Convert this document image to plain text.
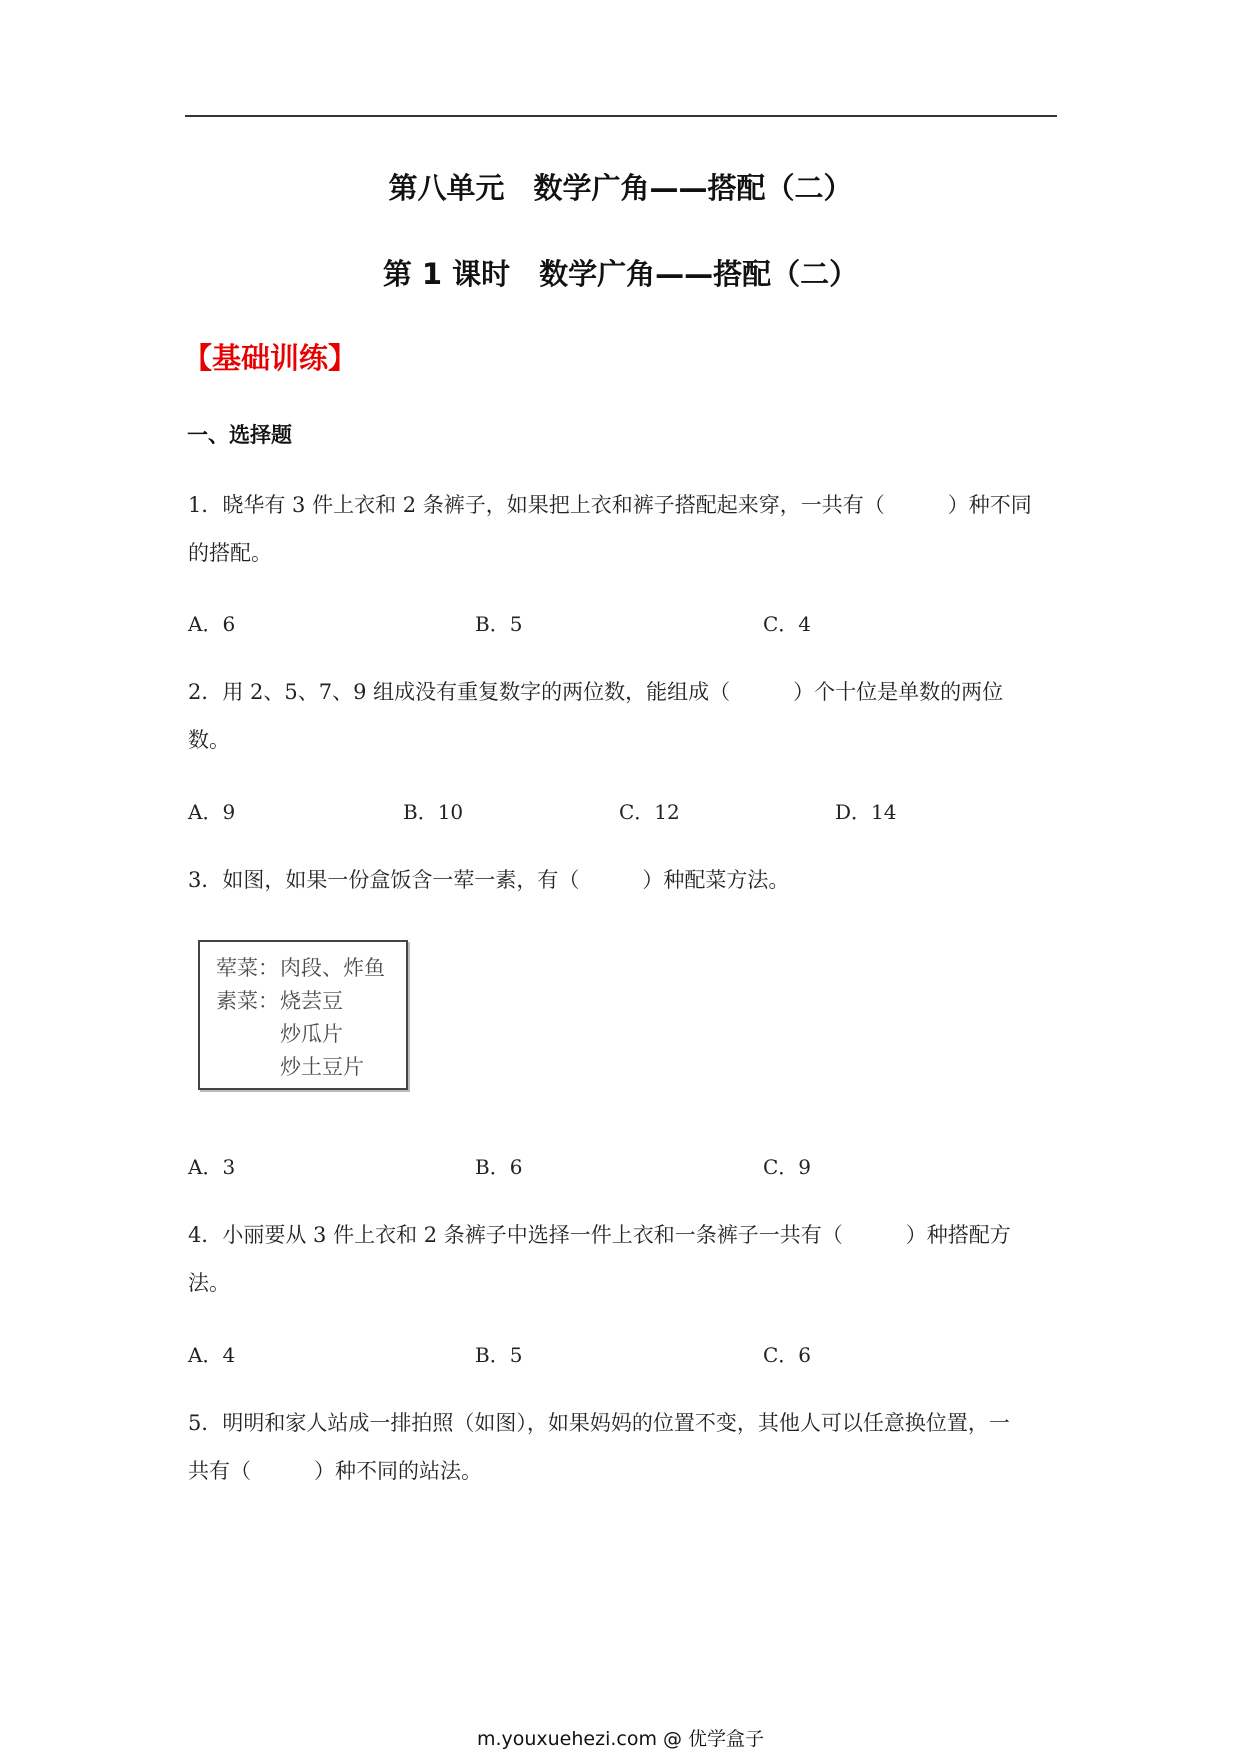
第八单元　数学广角——搭配（二）
第 1 课时　数学广角——搭配（二）
【基础训练】
一、选择题
1．晓华有 3 件上衣和 2 条裤子，如果把上衣和裤子搭配起来穿，一共有（　　　）种不同
的搭配。
A．6	B．5	C．4
2．用 2、5、7、9 组成没有重复数字的两位数，能组成（　　　）个十位是单数的两位
数。
A．9	B．10	C．12	D．14
3．如图，如果一份盒饭含一荤一素，有（　　　）种配菜方法。
荤菜： 肉段、炸鱼
素菜： 烧芸豆
炒瓜片
炒土豆片
A．3	B．6	C．9
4．小丽要从 3 件上衣和 2 条裤子中选择一件上衣和一条裤子一共有（　　　）种搭配方
法。
A．4	B．5	C．6
5．明明和家人站成一排拍照（如图），如果妈妈的位置不变，其他人可以任意换位置，一
共有（　　　）种不同的站法。
m.youxuehezi.com @ 优学盒子
